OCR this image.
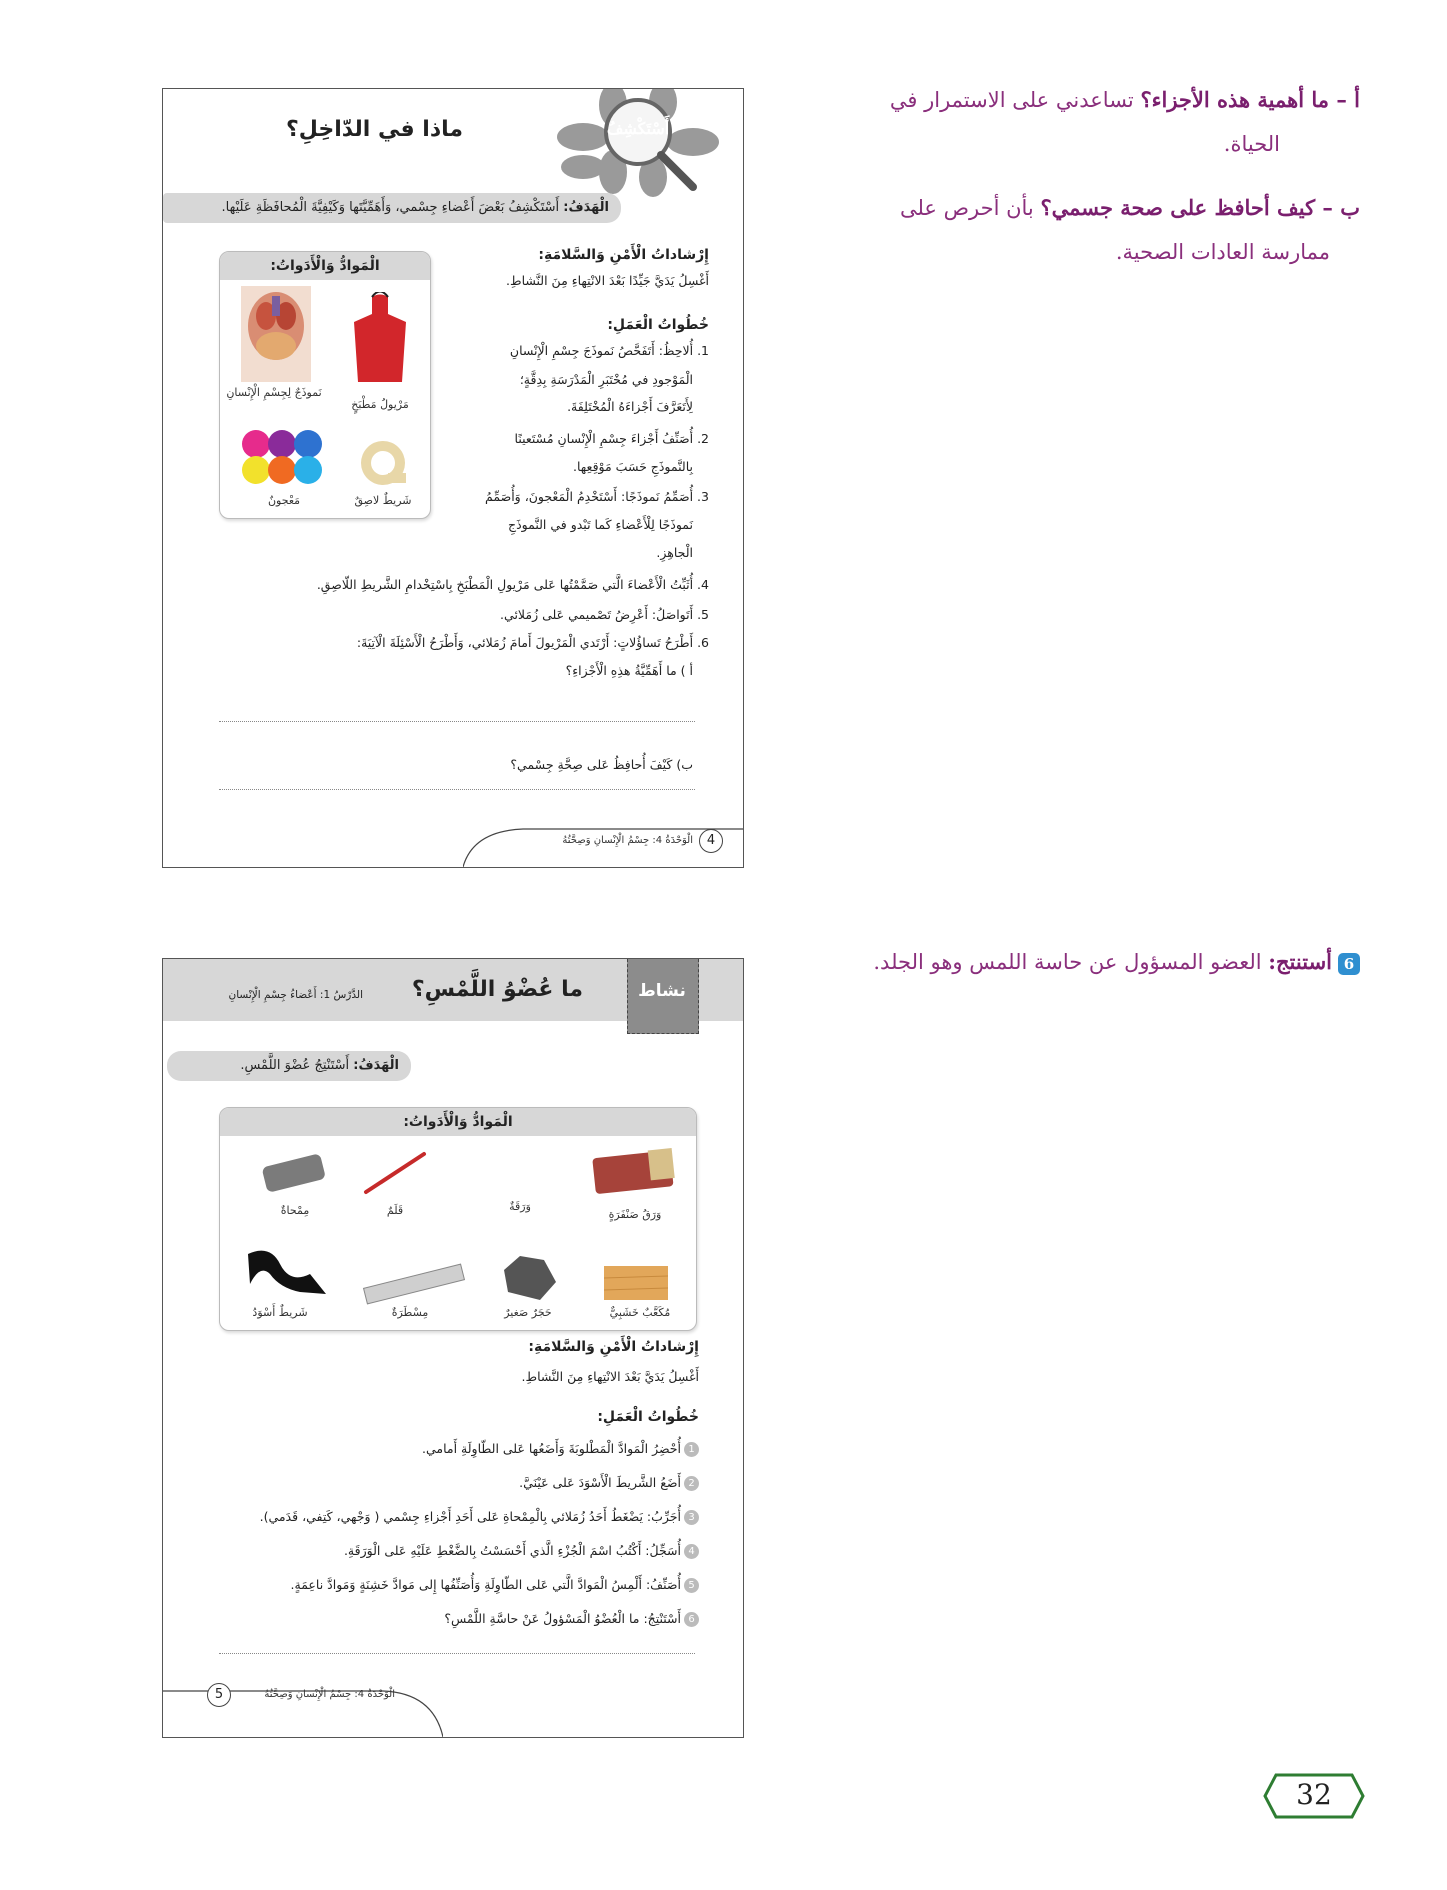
أ – ما أهمية هذه الأجزاء؟ تساعدني على الاستمرار في
الحياة.
ب – كيف أحافظ على صحة جسمي؟ بأن أحرص على
ممارسة العادات الصحية.
6أستنتج: العضو المسؤول عن حاسة اللمس وهو الجلد.
أَسْتَكْشِفُ
ماذا في الدّاخِلِ؟
الْهَدَفُ: أَسْتَكْشِفُ بَعْضَ أَعْضاءِ جِسْمي، وَأَهَمِّيَّتَها وَكَيْفِيَّةَ الْمُحافَظَةِ عَلَيْها.
الْمَوادُّ وَالْأَدَواتُ:
نَموذَجٌ لِجِسْمِ الْإِنْسانِ
مَرْيولُ مَطْبَخٍ
مَعْجونٌ	شَريطٌ لاصِقٌ
إِرْشاداتُ الْأَمْنِ وَالسَّلامَةِ:
أَغْسِلُ يَدَيَّ جَيِّدًا بَعْدَ الانْتِهاءِ مِنَ النَّشاطِ.
خُطُواتُ الْعَمَلِ:
1. أُلاحِظُ: أَتَفَحَّصُ نَموذَجَ جِسْمِ الْإِنْسانِ
الْمَوْجودِ في مُخْتَبَرِ الْمَدْرَسَةِ بِدِقَّةٍ؛
لِأَتَعَرَّفَ أَجْزاءَهُ الْمُخْتَلِفَةَ.
2. أُصَنِّفُ أَجْزاءَ جِسْمِ الْإِنْسانِ مُسْتَعينًا
بِالنَّموذَجِ حَسَبَ مَوْقِعِها.
3. أُصَمِّمُ نَموذَجًا: أَسْتَخْدِمُ الْمَعْجونَ، وَأُصَمِّمُ
نَموذَجًا لِلْأَعْضاءِ كَما تَبْدو في النَّموذَجِ
الْجاهِزِ.
4. أُثَبِّتُ الْأَعْضاءَ الَّتي صَمَّمْتُها عَلى مَرْيولِ الْمَطْبَخِ بِاسْتِخْدامِ الشَّريطِ اللّاصِقِ.
5. أَتَواصَلُ: أَعْرِضُ تَصْميمي عَلى زُمَلائي.
6. أَطْرَحُ تَساؤُلاتٍ: أَرْتَدي الْمَرْيولَ أَمامَ زُمَلائي، وَأَطْرَحُ الْأَسْئِلَةَ الْآتِيَةَ:
أ ) ما أَهَمِّيَّةُ هذِهِ الْأَجْزاءِ؟
ب) كَيْفَ أُحافِظُ عَلى صِحَّةِ جِسْمي؟
الْوَحْدَةُ 4: جِسْمُ الْإِنْسانِ وَصِحَّتُهُ	4
نشاط
ما عُضْوُ اللَّمْسِ؟
الدَّرْسُ 1: أَعْضاءُ جِسْمِ الْإِنْسانِ
الْهَدَفُ: أَسْتَنْتِجُ عُضْوَ اللَّمْسِ.
الْمَوادُّ وَالْأَدَواتُ:
وَرَقُ صَنْفَرَةٍ
وَرَقَةٌ
قَلَمٌ
مِمْحاةٌ
مُكَعَّبٌ خَشَبِيٌّ
حَجَرٌ صَغيرٌ
مِسْطَرَةٌ
شَريطٌ أَسْوَدُ
إِرْشاداتُ الْأَمْنِ وَالسَّلامَةِ:
أَغْسِلُ يَدَيَّ بَعْدَ الانْتِهاءِ مِنَ النَّشاطِ.
خُطُواتُ الْعَمَلِ:
1أُحْضِرُ الْمَوادَّ الْمَطْلوبَةَ وَأَضَعُها عَلى الطّاوِلَةِ أَمامي.
2أَضَعُ الشَّريطَ الْأَسْوَدَ عَلى عَيْنَيَّ.
3أُجَرِّبُ: يَضْغَطُ أَحَدُ زُمَلائي بِالْمِمْحاةِ عَلى أَحَدِ أَجْزاءِ جِسْمي ( وَجْهي، كَتِفي، قَدَمي).
4أُسَجِّلُ: أَكْتُبُ اسْمَ الْجُزْءِ الَّذي أَحْسَسْتُ بِالضَّغْطِ عَلَيْهِ عَلى الْوَرَقَةِ.
5أُصَنِّفُ: أَلْمِسُ الْمَوادَّ الَّتي عَلى الطّاوِلَةِ وَأُصَنِّفُها إِلى مَوادَّ خَشِنَةٍ وَمَوادَّ ناعِمَةٍ.
6أَسْتَنْتِجُ: ما الْعُضْوُ الْمَسْؤولُ عَنْ حاسَّةِ اللَّمْسِ؟
5	الْوَحْدَةُ 4: جِسْمُ الْإِنْسانِ وَصِحَّتُهُ
32
